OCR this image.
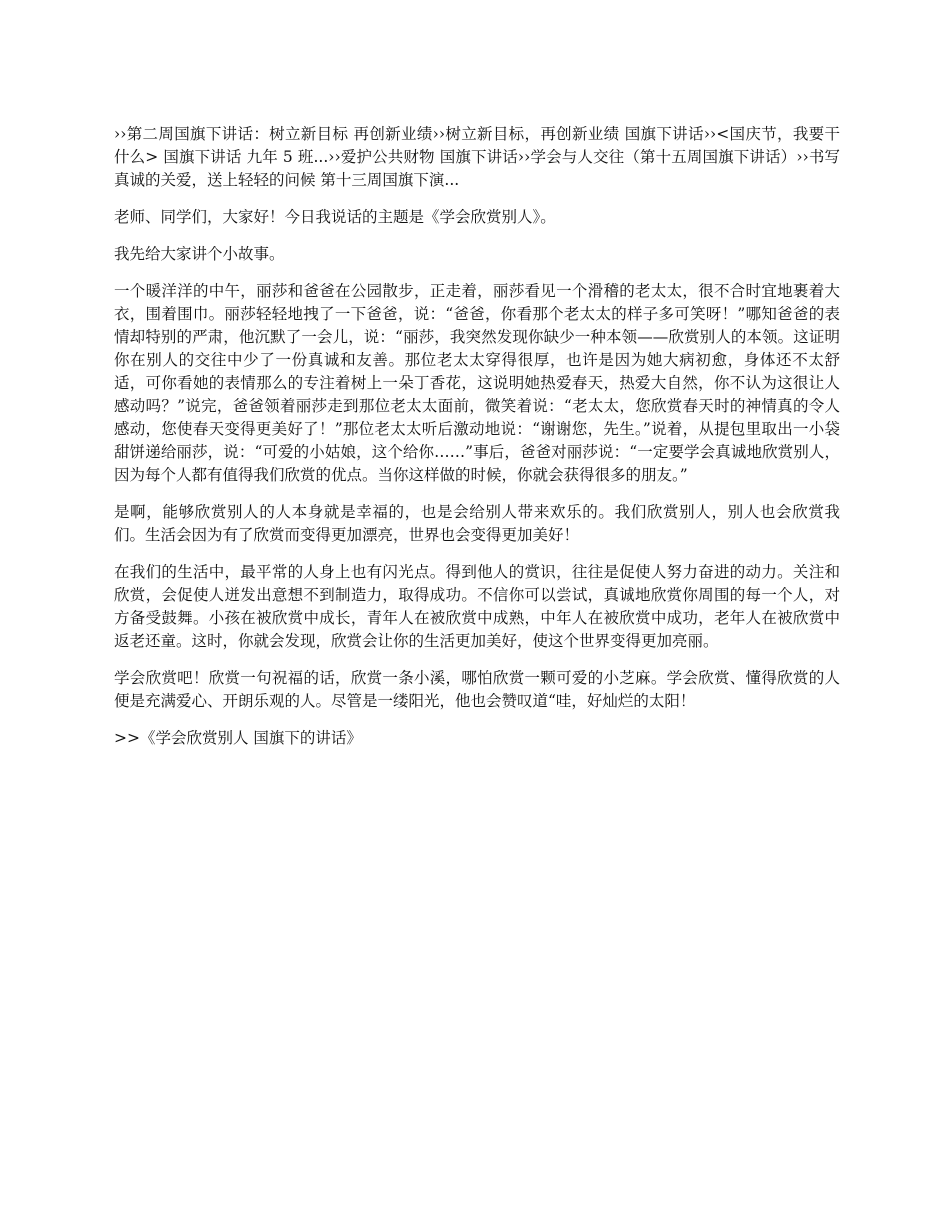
››第二周国旗下讲话：树立新目标 再创新业绩››树立新目标，再创新业绩 国旗下讲话››<国庆节，我要干什么> 国旗下讲话 九年 5 班...››爱护公共财物 国旗下讲话››学会与人交往（第十五周国旗下讲话）››书写真诚的关爱，送上轻轻的问候 第十三周国旗下演...

老师、同学们，大家好！今日我说话的主题是《学会欣赏别人》。

我先给大家讲个小故事。

一个暖洋洋的中午，丽莎和爸爸在公园散步，正走着，丽莎看见一个滑稽的老太太，很不合时宜地裹着大衣，围着围巾。丽莎轻轻地拽了一下爸爸，说：“爸爸，你看那个老太太的样子多可笑呀！”哪知爸爸的表情却特别的严肃，他沉默了一会儿，说：“丽莎，我突然发现你缺少一种本领——欣赏别人的本领。这证明你在别人的交往中少了一份真诚和友善。那位老太太穿得很厚，也许是因为她大病初愈，身体还不太舒适，可你看她的表情那么的专注着树上一朵丁香花，这说明她热爱春天，热爱大自然，你不认为这很让人感动吗？”说完，爸爸领着丽莎走到那位老太太面前，微笑着说：“老太太，您欣赏春天时的神情真的令人感动，您使春天变得更美好了！”那位老太太听后激动地说：“谢谢您，先生。”说着，从提包里取出一小袋甜饼递给丽莎，说：“可爱的小姑娘，这个给你……”事后，爸爸对丽莎说：“一定要学会真诚地欣赏别人，因为每个人都有值得我们欣赏的优点。当你这样做的时候，你就会获得很多的朋友。”

是啊，能够欣赏别人的人本身就是幸福的，也是会给别人带来欢乐的。我们欣赏别人，别人也会欣赏我们。生活会因为有了欣赏而变得更加漂亮，世界也会变得更加美好！

在我们的生活中，最平常的人身上也有闪光点。得到他人的赏识，往往是促使人努力奋进的动力。关注和欣赏，会促使人迸发出意想不到制造力，取得成功。不信你可以尝试，真诚地欣赏你周围的每一个人，对方备受鼓舞。小孩在被欣赏中成长，青年人在被欣赏中成熟，中年人在被欣赏中成功，老年人在被欣赏中返老还童。这时，你就会发现，欣赏会让你的生活更加美好，使这个世界变得更加亮丽。

学会欣赏吧！欣赏一句祝福的话，欣赏一条小溪，哪怕欣赏一颗可爱的小芝麻。学会欣赏、懂得欣赏的人便是充满爱心、开朗乐观的人。尽管是一缕阳光，他也会赞叹道“哇，好灿烂的太阳！

>>《学会欣赏别人 国旗下的讲话》
